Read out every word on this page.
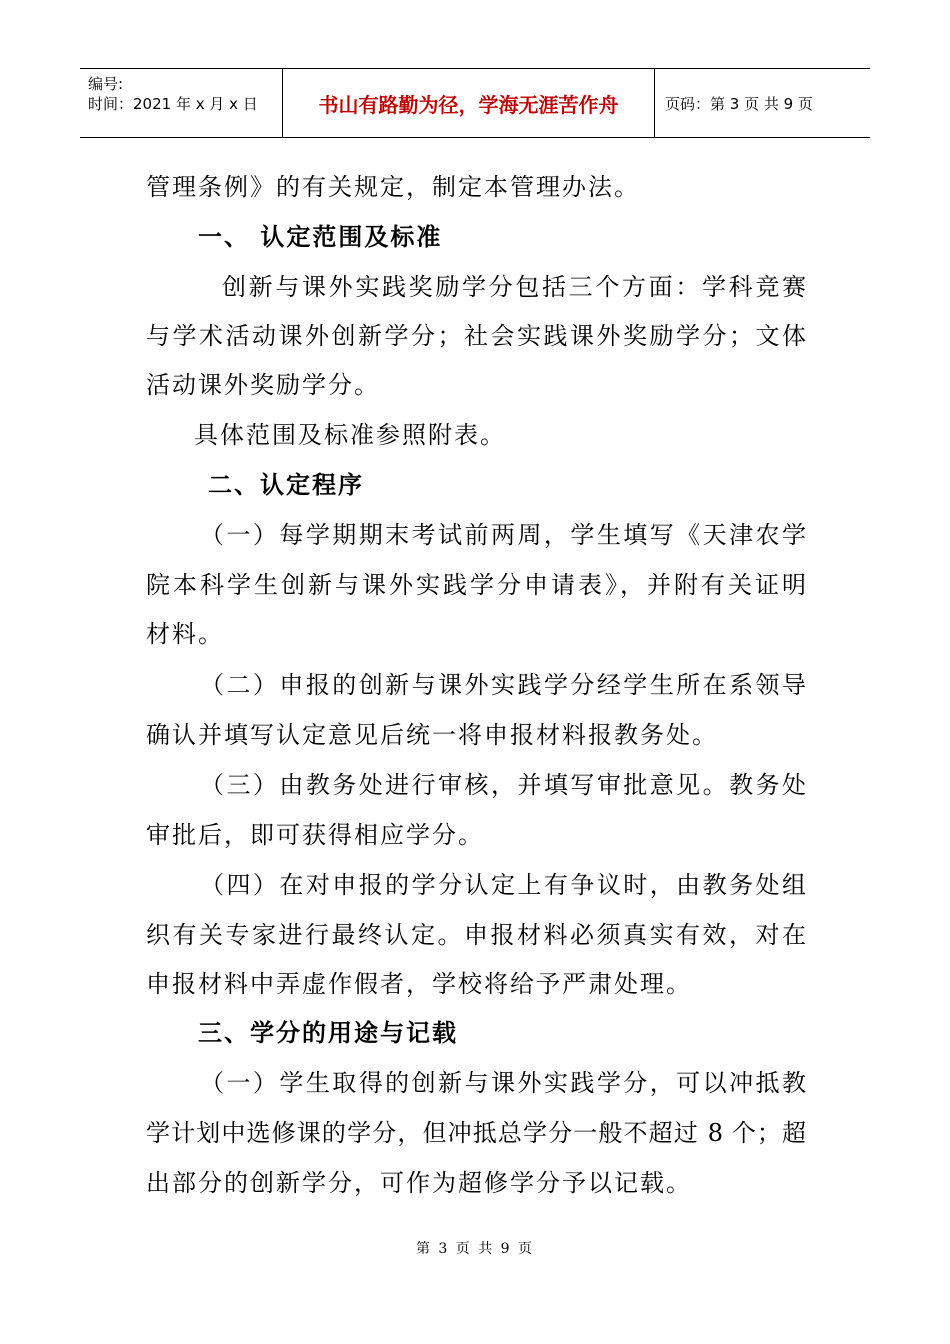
编号:
时间：2021 年 x 月 x 日	书山有路勤为径，学海无涯苦作舟	页码：第 3 页 共 9 页
管理条例》的有关规定，制定本管理办法。
一、 认定范围及标准
创新与课外实践奖励学分包括三个方面：学科竞赛
与学术活动课外创新学分；社会实践课外奖励学分；文体
活动课外奖励学分。
具体范围及标准参照附表。
二、认定程序
（一）每学期期末考试前两周，学生填写《天津农学
院本科学生创新与课外实践学分申请表》，并附有关证明
材料。
（二）申报的创新与课外实践学分经学生所在系领导
确认并填写认定意见后统一将申报材料报教务处。
（三）由教务处进行审核，并填写审批意见。教务处
审批后，即可获得相应学分。
（四）在对申报的学分认定上有争议时，由教务处组
织有关专家进行最终认定。申报材料必须真实有效，对在
申报材料中弄虚作假者，学校将给予严肃处理。
三、学分的用途与记载
（一）学生取得的创新与课外实践学分，可以冲抵教
学计划中选修课的学分，但冲抵总学分一般不超过 8 个；超
出部分的创新学分，可作为超修学分予以记载。
第 3 页 共 9 页
